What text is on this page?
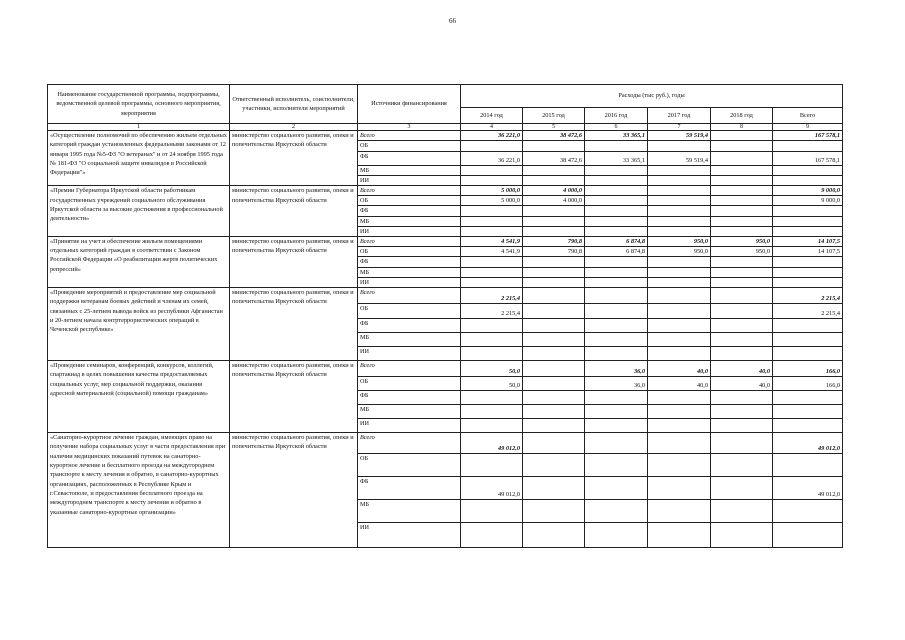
66
Наименование государственной программы, подпрограммы, ведомственной целевой программы, основного мероприятия, мероприятия	Ответственный исполнитель, соисполнители, участники, исполнители мероприятий	Источники финансирования	Расходы (тыс руб.), годы					
			2014 год	2015 год	2016 год	2017 год	2018 год	Всего
1	2	3	4	5	6	7	8	9
«Осуществление полномочий по обеспечению жильем отдельных категорий граждан установленных федеральными законами от 12 января 1995 года №5-ФЗ "О ветеранах" и от 24 ноября 1995 года № 181-ФЗ "О социальной защите инвалидов в Российской Федерации"»	министерство социального развития, опеки и попечительства Иркутской области	Всего	36 221,0	38 472,6	33 365,1	59 519,4		167 578,1
		ОБ						
		ФБ	36 221,0	38 472,6	33 365,1	59 519,4		167 578,1
		МБ						
		ИИ						
«Премии Губернатора Иркутской области работникам государственных учреждений социального обслуживания Иркутской области за высокие достижения в профессиональной деятельности»	министерство социального развития, опеки и попечительства Иркутской области	Всего	5 000,0	4 000,0				9 000,0
		ОБ	5 000,0	4 000,0				9 000,0
		ФБ						
		МБ						
		ИИ						
«Принятие на учет и обеспечение жильем помещениями отдельных категорий граждан в соответствии с Законом Российской Федерации «О реабилитации жертв политических репрессий»	министерство социального развития, опеки и попечительства Иркутской области	Всего	4 541,9	790,8	6 874,8	950,0	950,0	14 107,5
		ОБ	4 541,9	790,8	6 874,8	950,0	950,0	14 107,5
		ФБ						
		МБ						
		ИИ						
«Проведение мероприятий и предоставление мер социальной поддержки ветеранам боевых действий и членам их семей, связанных с 25-летием вывода войск из республики Афганистан и 20-летием начала контртеррористических операций в Чеченской республике»	министерство социального развития, опеки и попечительства Иркутской области	Всего	2 215,4					2 215,4
		ОБ	2 215,4					2 215,4
		ФБ						
		МБ						
		ИИ						
«Проведение семинаров, конференций, конкурсов, коллегий, спартакиад в целях повышения качества предоставляемых социальных услуг, мер социальной поддержки, оказания адресной материальной (социальной) помощи гражданам»	министерство социального развития, опеки и попечительства Иркутской области	Всего	50,0		36,0	40,0	40,0	166,0
		ОБ	50,0		36,0	40,0	40,0	166,0
		ФБ						
		МБ						
		ИИ						
«Санаторно-курортное лечение граждан, имеющих право на получение набора социальных услуг в части предоставления при наличии медицинских показаний путевок на санаторно-курортное лечение и бесплатного проезда на междугороднем транспорте к месту лечения и обратно, в санаторно-курортных организациях, расположенных в Республике Крым и г.Севастополе, и предоставления бесплатного проезда на междугороднем транспорте к месту лечения и обратно в указанные санаторно-курортные организации»	министерство социального развития, опеки и попечительства Иркутской области	Всего	49 012,0					49 012,0
		ОБ						
		ФБ	49 012,0					49 012,0
		МБ						
		ИИ						
